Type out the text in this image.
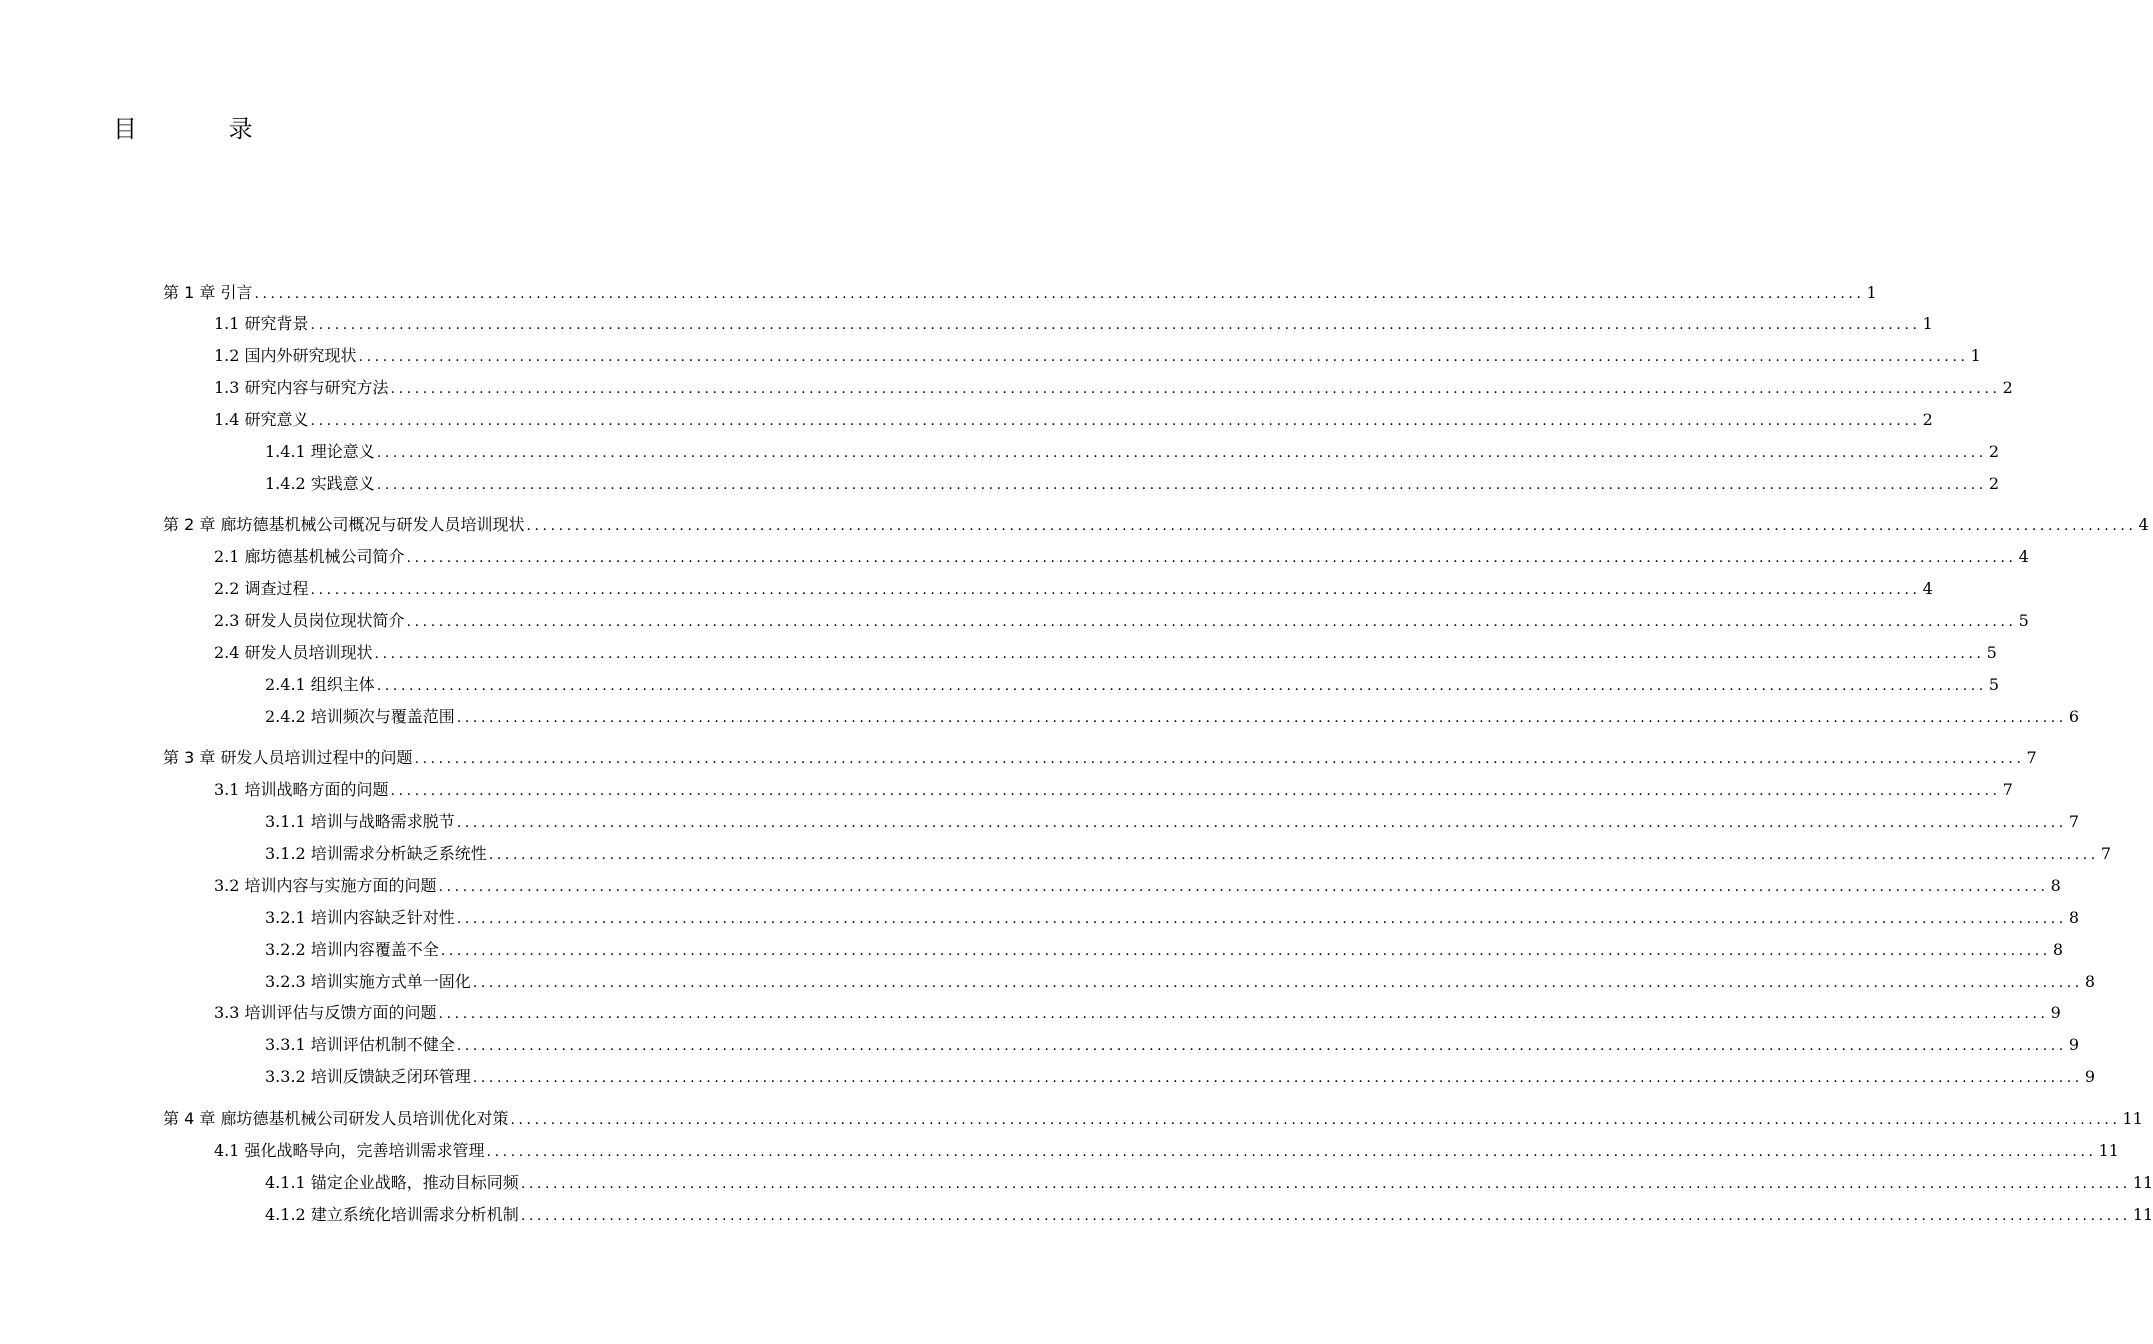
目 录
第 1 章 引言 ........................................................................................................................................................................................................ 1
1.1 研究背景 ........................................................................................................................................................................................................ 1
1.2 国内外研究现状 ........................................................................................................................................................................................................ 1
1.3 研究内容与研究方法 ........................................................................................................................................................................................................ 2
1.4 研究意义 ........................................................................................................................................................................................................ 2
1.4.1 理论意义 ........................................................................................................................................................................................................ 2
1.4.2 实践意义 ........................................................................................................................................................................................................ 2
第 2 章 廊坊德基机械公司概况与研发人员培训现状 ........................................................................................................................................................................................................ 4
2.1 廊坊德基机械公司简介 ........................................................................................................................................................................................................ 4
2.2 调查过程 ........................................................................................................................................................................................................ 4
2.3 研发人员岗位现状简介 ........................................................................................................................................................................................................ 5
2.4 研发人员培训现状 ........................................................................................................................................................................................................ 5
2.4.1 组织主体 ........................................................................................................................................................................................................ 5
2.4.2 培训频次与覆盖范围 ........................................................................................................................................................................................................ 6
第 3 章 研发人员培训过程中的问题 ........................................................................................................................................................................................................ 7
3.1 培训战略方面的问题 ........................................................................................................................................................................................................ 7
3.1.1 培训与战略需求脱节 ........................................................................................................................................................................................................ 7
3.1.2 培训需求分析缺乏系统性 ........................................................................................................................................................................................................ 7
3.2 培训内容与实施方面的问题 ........................................................................................................................................................................................................ 8
3.2.1 培训内容缺乏针对性 ........................................................................................................................................................................................................ 8
3.2.2 培训内容覆盖不全 ........................................................................................................................................................................................................ 8
3.2.3 培训实施方式单一固化 ........................................................................................................................................................................................................ 8
3.3 培训评估与反馈方面的问题 ........................................................................................................................................................................................................ 9
3.3.1 培训评估机制不健全 ........................................................................................................................................................................................................ 9
3.3.2 培训反馈缺乏闭环管理 ........................................................................................................................................................................................................ 9
第 4 章 廊坊德基机械公司研发人员培训优化对策 ........................................................................................................................................................................................................ 11
4.1 强化战略导向，完善培训需求管理 ........................................................................................................................................................................................................ 11
4.1.1 锚定企业战略，推动目标同频 ........................................................................................................................................................................................................ 11
4.1.2 建立系统化培训需求分析机制 ........................................................................................................................................................................................................ 11
